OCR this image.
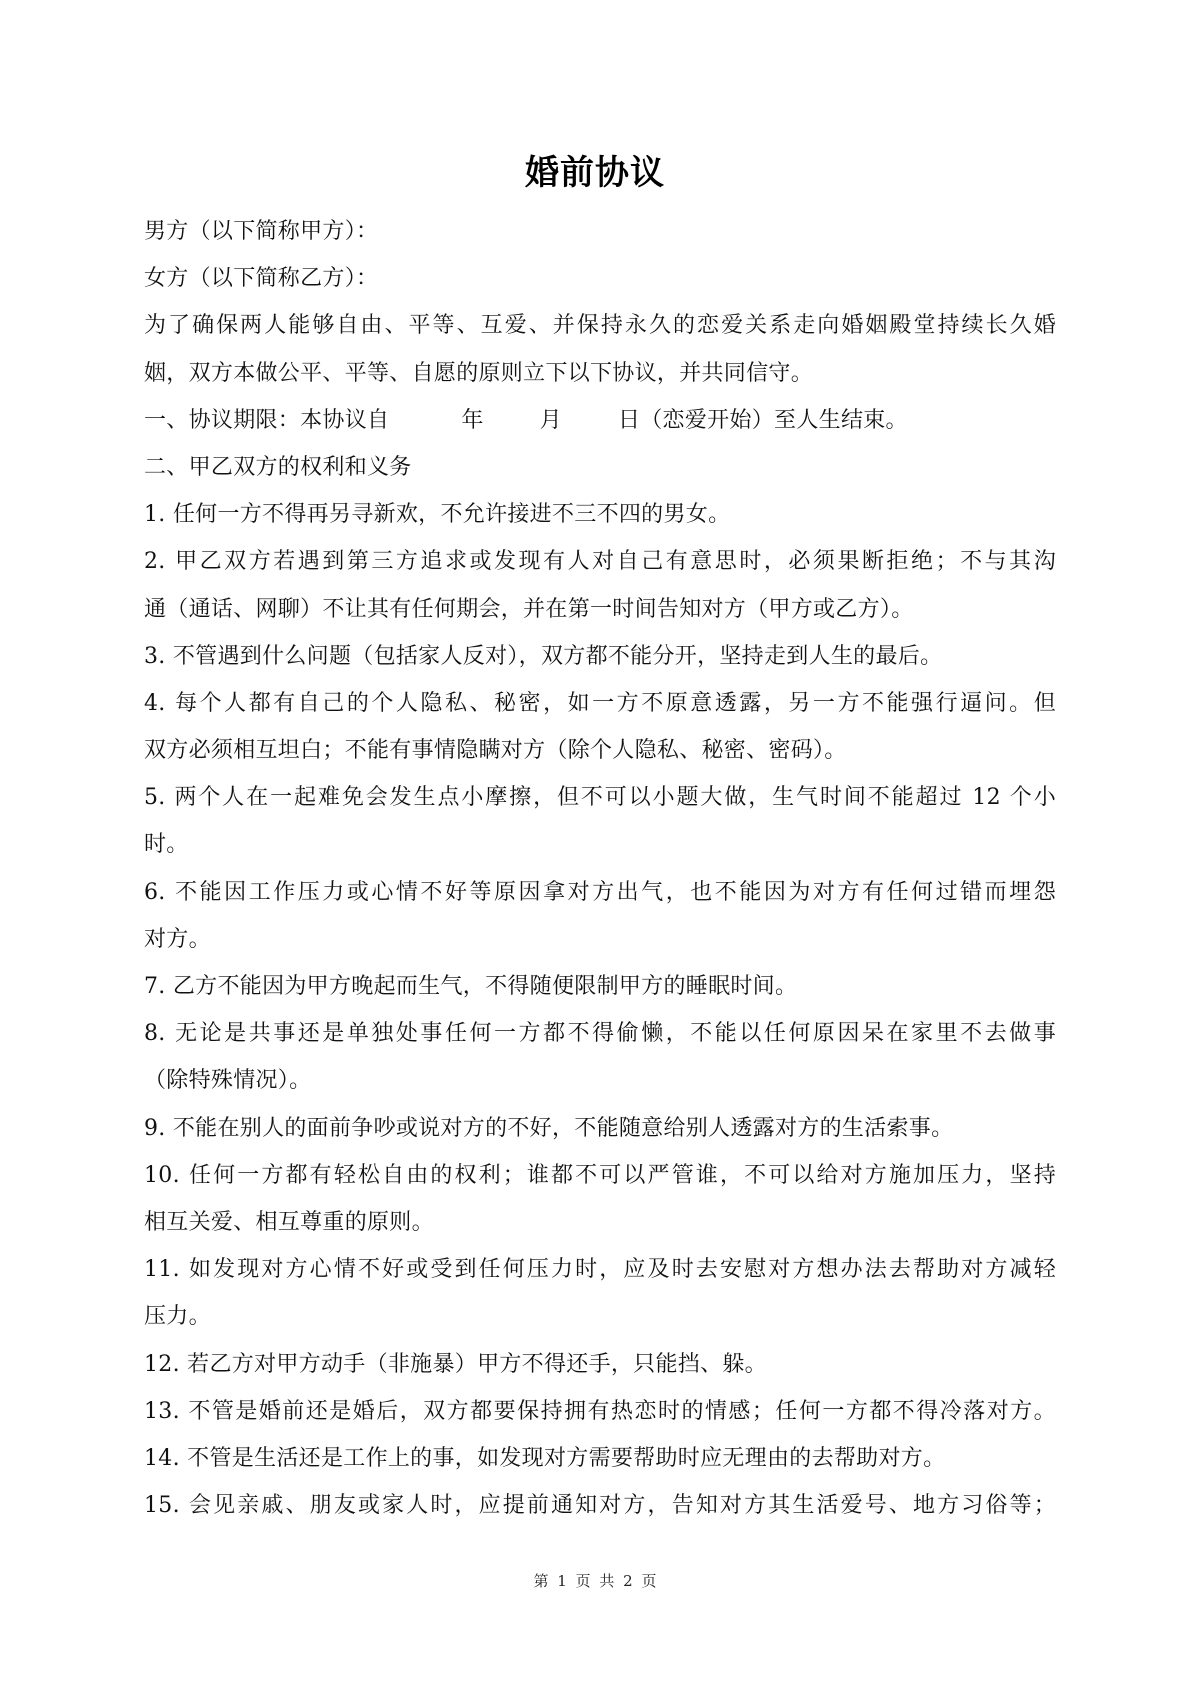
婚前协议
男方（以下简称甲方）：
女方（以下简称乙方）：
为了确保两人能够自由、平等、互爱、并保持永久的恋爱关系走向婚姻殿堂持续长久婚
姻，双方本做公平、平等、自愿的原则立下以下协议，并共同信守。
一、协议期限：本协议自	年	月	日（恋爱开始）至人生结束。
二、甲乙双方的权利和义务
1. 任何一方不得再另寻新欢，不允许接进不三不四的男女。
2. 甲乙双方若遇到第三方追求或发现有人对自己有意思时，必须果断拒绝；不与其沟
通（通话、网聊）不让其有任何期会，并在第一时间告知对方（甲方或乙方）。
3. 不管遇到什么问题（包括家人反对），双方都不能分开，坚持走到人生的最后。
4. 每个人都有自己的个人隐私、秘密，如一方不原意透露，另一方不能强行逼问。但
双方必须相互坦白；不能有事情隐瞒对方（除个人隐私、秘密、密码）。
5. 两个人在一起难免会发生点小摩擦，但不可以小题大做，生气时间不能超过 12 个小
时。
6. 不能因工作压力或心情不好等原因拿对方出气，也不能因为对方有任何过错而埋怨
对方。
7. 乙方不能因为甲方晚起而生气，不得随便限制甲方的睡眠时间。
8. 无论是共事还是单独处事任何一方都不得偷懒，不能以任何原因呆在家里不去做事
（除特殊情况）。
9. 不能在别人的面前争吵或说对方的不好，不能随意给别人透露对方的生活索事。
10. 任何一方都有轻松自由的权利；谁都不可以严管谁，不可以给对方施加压力，坚持
相互关爱、相互尊重的原则。
11. 如发现对方心情不好或受到任何压力时，应及时去安慰对方想办法去帮助对方减轻
压力。
12. 若乙方对甲方动手（非施暴）甲方不得还手，只能挡、躲。
13. 不管是婚前还是婚后，双方都要保持拥有热恋时的情感；任何一方都不得冷落对方。
14. 不管是生活还是工作上的事，如发现对方需要帮助时应无理由的去帮助对方。
15. 会见亲戚、朋友或家人时，应提前通知对方，告知对方其生活爱号、地方习俗等；
第 1 页 共 2 页
